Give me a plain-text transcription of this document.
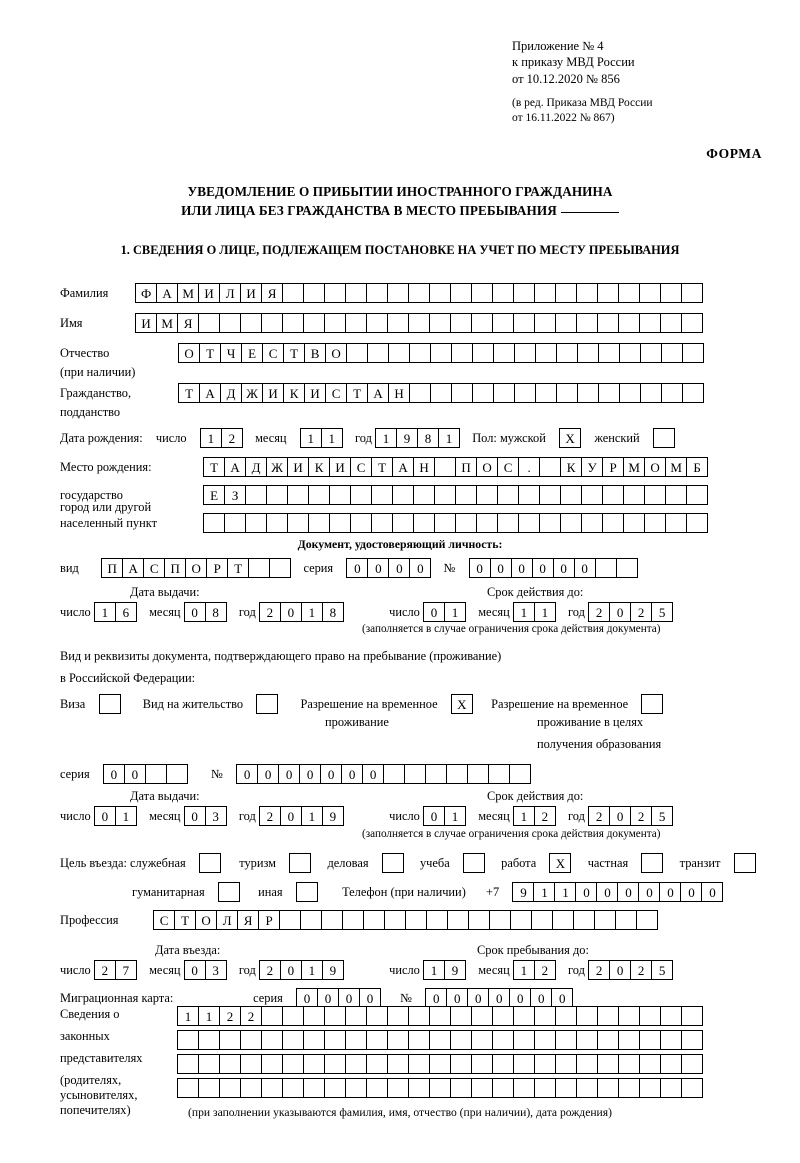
Приложение № 4
к приказу МВД России
от 10.12.2020 № 856
(в ред. Приказа МВД России
от 16.11.2022 № 867)
ФОРМА
УВЕДОМЛЕНИЕ О ПРИБЫТИИ ИНОСТРАННОГО ГРАЖДАНИНА
ИЛИ ЛИЦА БЕЗ ГРАЖДАНСТВА В МЕСТО ПРЕБЫВАНИЯ
1. СВЕДЕНИЯ О ЛИЦЕ, ПОДЛЕЖАЩЕМ ПОСТАНОВКЕ НА УЧЕТ ПО МЕСТУ ПРЕБЫВАНИЯ
Фамилия	Ф А М И Л И Я
Имя	И М Я
Отчество	О Т Ч Е С Т В О
(при наличии)
Гражданство,	Т А Д Ж И К И С Т А Н
подданство
Дата рождения: число 1 2 месяц 1 1 год 1 9 8 1 Пол: мужской X женский
Место рождения:	Т А Д Ж И К И С Т А Н	П О С .	К У Р М О М Б
государство	Е З
город или другой
населенный пункт
Документ, удостоверяющий личность:
вид П А С П О Р Т	серия 0 0 0 0 № 0 0 0 0 0 0
Дата выдачи:	Срок действия до:
число 1 6 месяц 0 8 год 2 0 1 8	число 0 1 месяц 1 1 год 2 0 2 5
(заполняется в случае ограничения срока действия документа)
Вид и реквизиты документа, подтверждающего право на пребывание (проживание)
в Российской Федерации:
Виза	Вид на жительство	Разрешение на временное X Разрешение на временное
проживание	проживание в целях
получения образования
серия 0 0	№ 0 0 0 0 0 0 0
Дата выдачи:	Срок действия до:
число 0 1 месяц 0 3 год 2 0 1 9	число 0 1 месяц 1 2 год 2 0 2 5
(заполняется в случае ограничения срока действия документа)
Цель въезда: служебная	туризм	деловая	учеба	работа X частная	транзит
гуманитарная	иная	Телефон (при наличии) +7 9 1 1 0 0 0 0 0 0 0
Профессия	С Т О Л Я Р
Дата въезда:	Срок пребывания до:
число 2 7 месяц 0 3 год 2 0 1 9	число 1 9 месяц 1 2 год 2 0 2 5
Миграционная карта:	серия 0 0 0 0 № 0 0 0 0 0 0 0
Сведения о
законных
представителях
(родителях,
усыновителях,
попечителях)
1 1 2 2
(при заполнении указываются фамилия, имя, отчество (при наличии), дата рождения)
